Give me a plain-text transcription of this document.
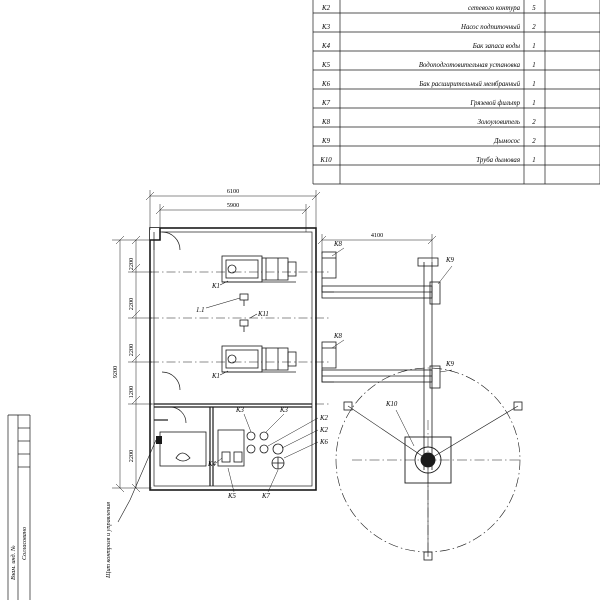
K2
K3
K4
K5
K6
K7
K8
K9
K10
сетевого контура
Насос подпиточный
Бак запаса воды
Водоподготовительная установка
Бак расширительный мембранный
Грязевой фильтр
Золоуловитель
Дымосос
Труба дымовая
5
2
1
1
1
1
2
2
1
Взам. инд. №
Согласовано
K1
K1
K11
1.1
K3	K3
K2
K2
K6
K4
K5	K7
Щит контроля и управления
K8
K8
K9
K9
K10
6100
5900
4100
9200
2200
2200
2200
1200
2200
